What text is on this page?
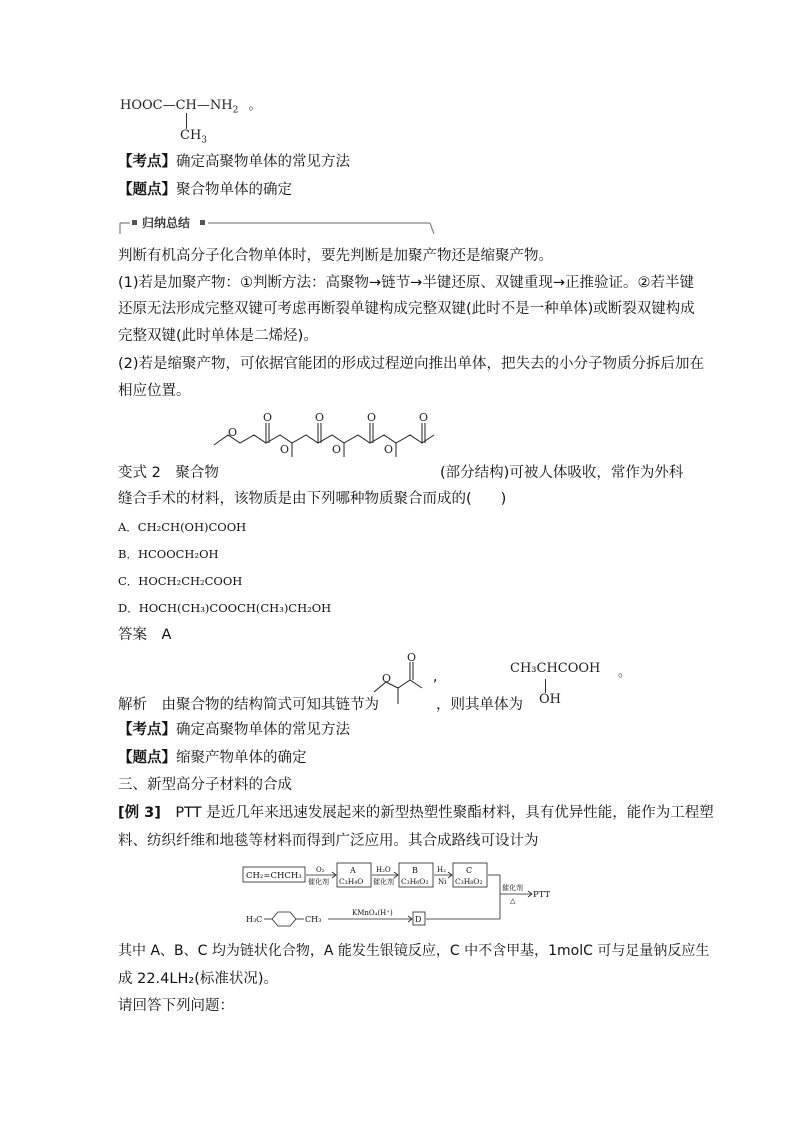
$HOOC—CH—NH_2$ 。
$CH_3$
【考点】确定高聚物单体的常见方法
【题点】聚合物单体的确定
归纳总结
判断有机高分子化合物单体时，要先判断是加聚产物还是缩聚产物。
(1)若是加聚产物：①判断方法：高聚物→链节→半键还原、双键重现→正推验证。②若半键
还原无法形成完整双键可考虑再断裂单键构成完整双键(此时不是一种单体)或断裂双键构成
完整双键(此时单体是二烯烃)。
(2)若是缩聚产物，可依据官能团的形成过程逆向推出单体，把失去的小分子物质分拆后加在
相应位置。
O
O
O
O
O
O
O
O
变式 2　聚合物	(部分结构)可被人体吸收，常作为外科
缝合手术的材料，该物质是由下列哪种物质聚合而成的(　　)
A．CH₂CH(OH)COOH
B．HCOOCH₂OH
C．HOCH₂CH₂COOH
D．HOCH(CH₃)COOCH(CH₃)CH₂OH
答案　A
O
O
,
CH₃CHCOOH 。
OH
解析　由聚合物的结构简式可知其链节为	，则其单体为
【考点】确定高聚物单体的常见方法
【题点】缩聚产物单体的确定
三、新型高分子材料的合成
[例 3]　PTT 是近几年来迅速发展起来的新型热塑性聚酯材料，具有优异性能，能作为工程塑
料、纺织纤维和地毯等材料而得到广泛应用。其合成路线可设计为
CH₂=CHCH₃
O₂
催化剂
A
C₃H₄O
H₂O
催化剂
B
C₃H₆O₂
H₂
Ni
C
C₃H₈O₂
催化剂
△
PTT
H₃C	CH₃
KMnO₄(H⁺)
D
其中 A、B、C 均为链状化合物，A 能发生银镜反应，C 中不含甲基，1molC 可与足量钠反应生
成 22.4LH₂(标准状况)。
请回答下列问题：
